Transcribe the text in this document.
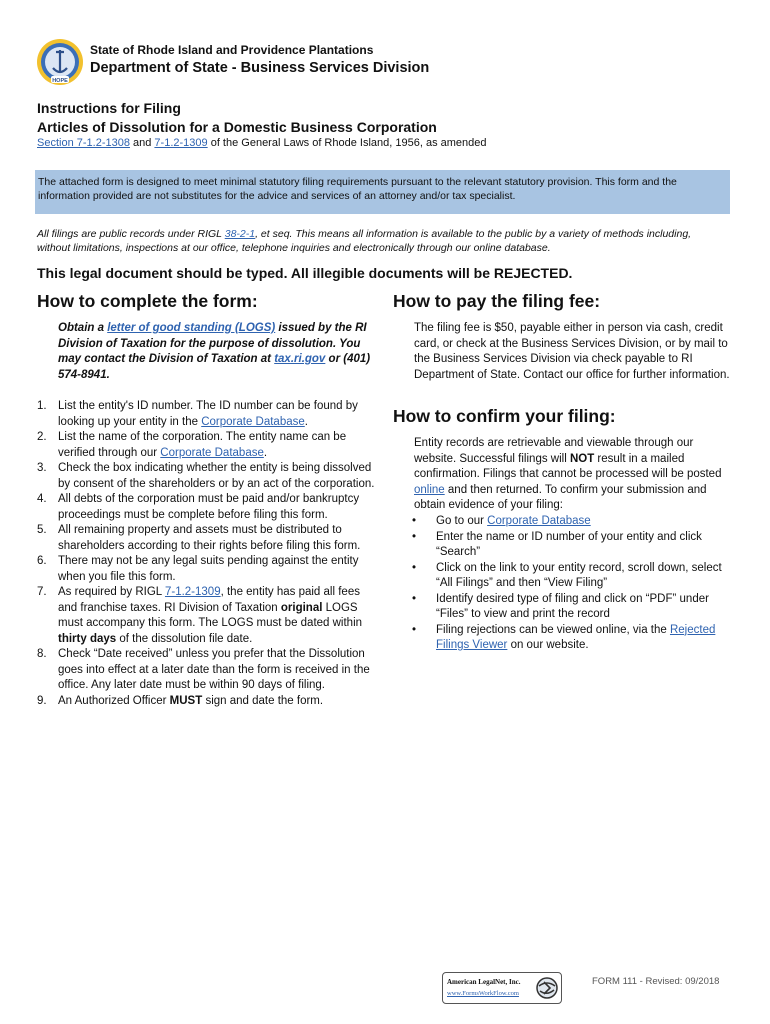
HOPE
State of Rhode Island and Providence Plantations
Department of State - Business Services Division
Instructions for Filing
Articles of Dissolution for a Domestic Business Corporation
Section 7-1.2-1308 and 7-1.2-1309 of the General Laws of Rhode Island, 1956, as amended
The attached form is designed to meet minimal statutory filing requirements pursuant to the relevant statutory provision. This form and the information provided are not substitutes for the advice and services of an attorney and/or tax specialist.
All filings are public records under RIGL 38-2-1, et seq. This means all information is available to the public by a variety of methods including, without limitations, inspections at our office, telephone inquiries and electronically through our online database.
This legal document should be typed. All illegible documents will be REJECTED.
How to complete the form:
Obtain a letter of good standing (LOGS) issued by the RI Division of Taxation for the purpose of dissolution. You may contact the Division of Taxation at tax.ri.gov or (401) 574-8941.
1. List the entity's ID number. The ID number can be found by looking up your entity in the Corporate Database.
2. List the name of the corporation. The entity name can be verified through our Corporate Database.
3. Check the box indicating whether the entity is being dissolved by consent of the shareholders or by an act of the corporation.
4. All debts of the corporation must be paid and/or bankruptcy proceedings must be complete before filing this form.
5. All remaining property and assets must be distributed to shareholders according to their rights before filing this form.
6. There may not be any legal suits pending against the entity when you file this form.
7. As required by RIGL 7-1.2-1309, the entity has paid all fees and franchise taxes. RI Division of Taxation original LOGS must accompany this form. The LOGS must be dated within thirty days of the dissolution file date.
8. Check “Date received” unless you prefer that the Dissolution goes into effect at a later date than the form is received in the office. Any later date must be within 90 days of filing.
9. An Authorized Officer MUST sign and date the form.
How to pay the filing fee:
The filing fee is $50, payable either in person via cash, credit card, or check at the Business Services Division, or by mail to the Business Services Division via check payable to RI Department of State. Contact our office for further information.
How to confirm your filing:
Entity records are retrievable and viewable through our website. Successful filings will NOT result in a mailed confirmation. Filings that cannot be processed will be posted online and then returned. To confirm your submission and obtain evidence of your filing:
• Go to our Corporate Database
• Enter the name or ID number of your entity and click “Search”
• Click on the link to your entity record, scroll down, select “All Filings” and then “View Filing”
• Identify desired type of filing and click on “PDF” under “Files” to view and print the record
• Filing rejections can be viewed online, via the Rejected Filings Viewer on our website.
American LegalNet, Inc.
www.FormsWorkFlow.com
FORM 111 - Revised: 09/2018
